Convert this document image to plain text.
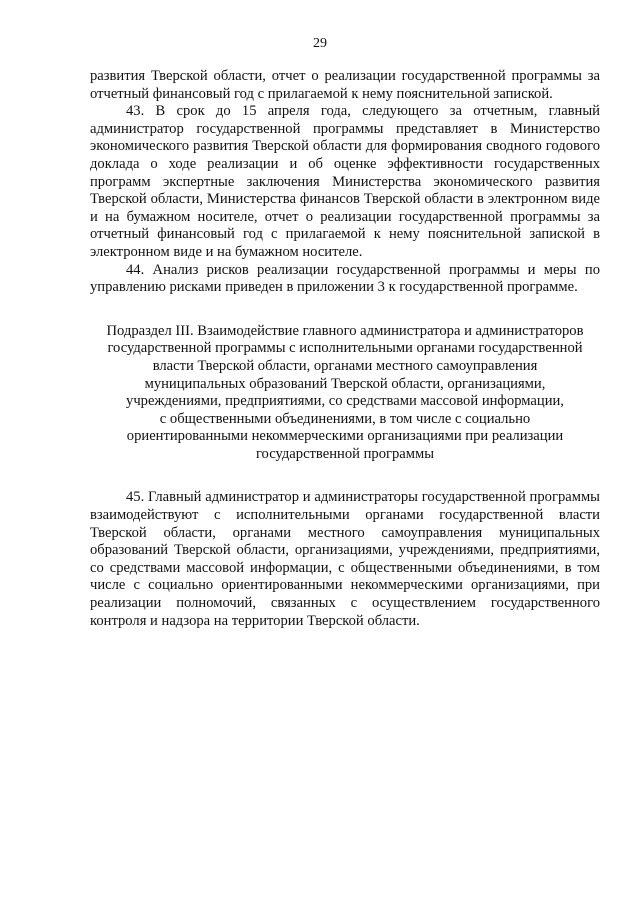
29

развития Тверской области, отчет о реализации государственной программы за отчетный финансовый год с прилагаемой к нему пояснительной запиской.

43. В срок до 15 апреля года, следующего за отчетным, главный администратор государственной программы представляет в Министерство экономического развития Тверской области для формирования сводного годового доклада о ходе реализации и об оценке эффективности государственных программ экспертные заключения Министерства экономического развития Тверской области, Министерства финансов Тверской области в электронном виде и на бумажном носителе, отчет о реализации государственной программы за отчетный финансовый год с прилагаемой к нему пояснительной запиской в электронном виде и на бумажном носителе.

44. Анализ рисков реализации государственной программы и меры по управлению рисками приведен в приложении 3 к государственной программе.

Подраздел III. Взаимодействие главного администратора и администраторов
государственной программы с исполнительными органами государственной
власти Тверской области, органами местного самоуправления
муниципальных образований Тверской области, организациями,
учреждениями, предприятиями, со средствами массовой информации,
с общественными объединениями, в том числе с социально
ориентированными некоммерческими организациями при реализации
государственной программы

45. Главный администратор и администраторы государственной программы взаимодействуют с исполнительными органами государственной власти Тверской области, органами местного самоуправления муниципальных образований Тверской области, организациями, учреждениями, предприятиями, со средствами массовой информации, с общественными объединениями, в том числе с социально ориентированными некоммерческими организациями, при реализации полномочий, связанных с осуществлением государственного контроля и надзора на территории Тверской области.
